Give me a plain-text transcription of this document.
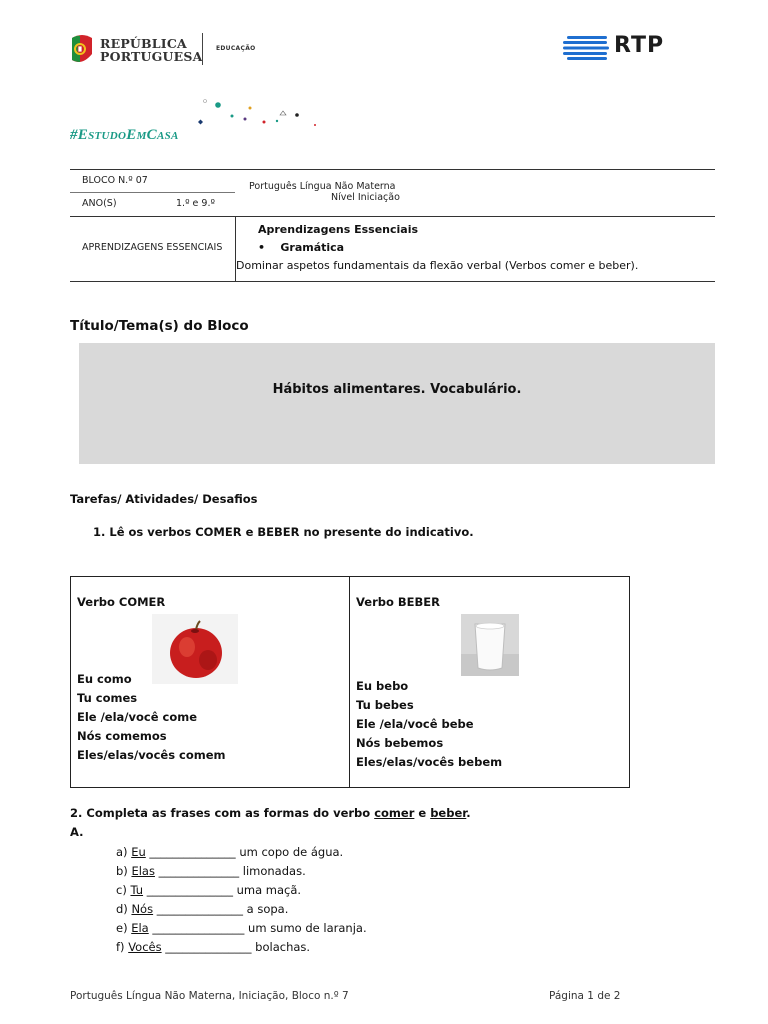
REPÚBLICA
PORTUGUESA
EDUCAÇÃO	RTP
#EstudoEmCasa
BLOCO N.º 07
ANO(S)	1.º e 9.º
Português Língua Não Materna
Nível Iniciação
APRENDIZAGENS ESSENCIAIS
Aprendizagens Essenciais
•    Gramática
Dominar aspetos fundamentais da flexão verbal (Verbos comer e beber).
Título/Tema(s) do Bloco
Hábitos alimentares. Vocabulário.
Tarefas/ Atividades/ Desafios
1. Lê os verbos COMER e BEBER no presente do indicativo.
Verbo COMER
Eu como
Tu comes
Ele /ela/você come
Nós comemos
Eles/elas/vocês comem
Verbo BEBER
Eu bebo
Tu bebes
Ele /ela/você bebe
Nós bebemos
Eles/elas/vocês bebem
2. Completa as frases com as formas do verbo comer e beber.
A.
a) Eu _______________ um copo de água.
b) Elas ______________ limonadas.
c) Tu _______________ uma maçã.
d) Nós _______________ a sopa.
e) Ela ________________ um sumo de laranja.
f) Vocês _______________ bolachas.
Português Língua Não Materna, Iniciação, Bloco n.º 7	Página 1 de 2
